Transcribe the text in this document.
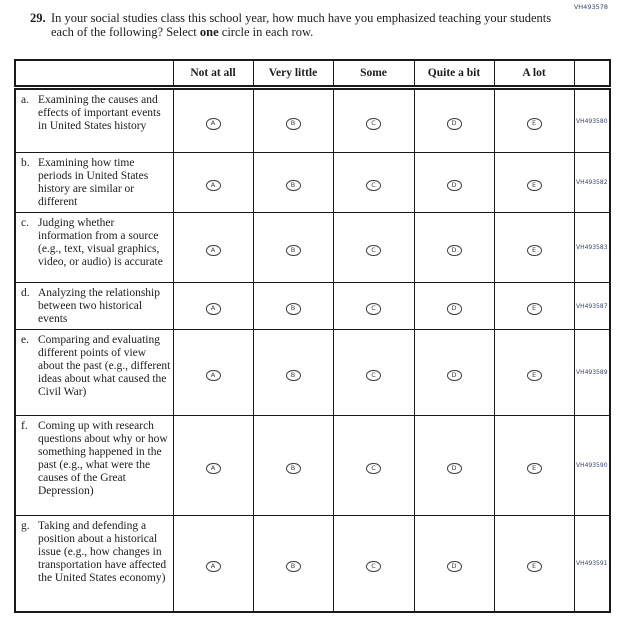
VH493578
29. In your social studies class this school year, how much have you emphasized teaching your students each of the following? Select one circle in each row.

	Not at all	Very little	Some	Quite a bit	A lot	

a. Examining the causes and effects of important events in United States history	A	B	C	D	E	VH493580

b. Examining how time periods in United States history are similar or different	A	B	C	D	E	VH493582

c. Judging whether information from a source (e.g., text, visual graphics, video, or audio) is accurate	A	B	C	D	E	VH493583

d. Analyzing the relationship between two historical events	A	B	C	D	E	VH493587

e. Comparing and evaluating different points of view about the past (e.g., different ideas about what caused the Civil War)	A	B	C	D	E	VH493589

f. Coming up with research questions about why or how something happened in the past (e.g., what were the causes of the Great Depression)	A	B	C	D	E	VH493590

g. Taking and defending a position about a historical issue (e.g., how changes in transportation have affected the United States economy)	A	B	C	D	E	VH493591
